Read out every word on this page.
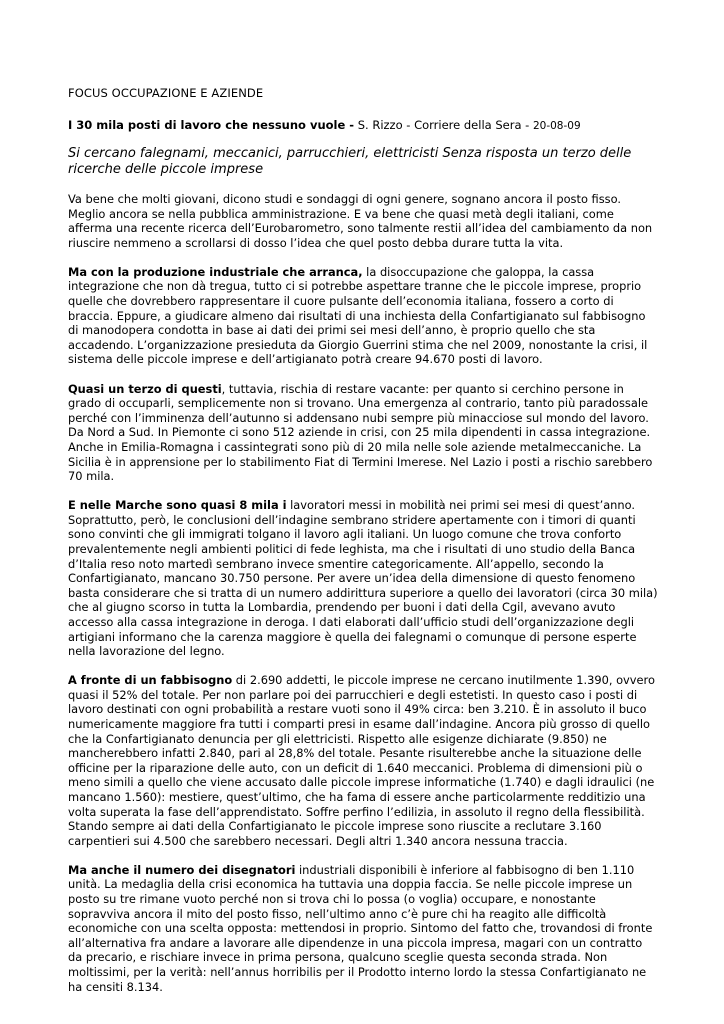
FOCUS OCCUPAZIONE E AZIENDE
I 30 mila posti di lavoro che nessuno vuole - S. Rizzo - Corriere della Sera - 20-08-09
Si cercano falegnami, meccanici, parrucchieri, elettricisti Senza risposta un terzo delle ricerche delle piccole imprese

Va bene che molti giovani, dicono studi e sondaggi di ogni genere, sognano ancora il posto fisso. Meglio ancora se nella pubblica amministrazione. E va bene che quasi metà degli italiani, come afferma una recente ricerca dell’Eurobarometro, sono talmente restii all’idea del cambiamento da non riuscire nemmeno a scrollarsi di dosso l’idea che quel posto debba durare tutta la vita.

Ma con la produzione industriale che arranca, la disoccupazione che galoppa, la cassa integrazione che non dà tregua, tutto ci si potrebbe aspettare tranne che le piccole imprese, proprio quelle che dovrebbero rappresentare il cuore pulsante dell’economia italiana, fossero a corto di braccia. Eppure, a giudicare almeno dai risultati di una inchiesta della Confartigianato sul fabbisogno di manodopera condotta in base ai dati dei primi sei mesi dell’anno, è proprio quello che sta accadendo. L’organizzazione presieduta da Giorgio Guerrini stima che nel 2009, nonostante la crisi, il sistema delle piccole imprese e dell’artigianato potrà creare 94.670 posti di lavoro.

Quasi un terzo di questi, tuttavia, rischia di restare vacante: per quanto si cerchino persone in grado di occuparli, semplicemente non si trovano. Una emergenza al contrario, tanto più paradossale perché con l’imminenza dell’autunno si addensano nubi sempre più minacciose sul mondo del lavoro. Da Nord a Sud. In Piemonte ci sono 512 aziende in crisi, con 25 mila dipendenti in cassa integrazione. Anche in Emilia-Romagna i cassintegrati sono più di 20 mila nelle sole aziende metalmeccaniche. La Sicilia è in apprensione per lo stabilimento Fiat di Termini Imerese. Nel Lazio i posti a rischio sarebbero 70 mila.

E nelle Marche sono quasi 8 mila i lavoratori messi in mobilità nei primi sei mesi di quest’anno. Soprattutto, però, le conclusioni dell’indagine sembrano stridere apertamente con i timori di quanti sono convinti che gli immigrati tolgano il lavoro agli italiani. Un luogo comune che trova conforto prevalentemente negli ambienti politici di fede leghista, ma che i risultati di uno studio della Banca d’Italia reso noto martedì sembrano invece smentire categoricamente. All’appello, secondo la Confartigianato, mancano 30.750 persone. Per avere un’idea della dimensione di questo fenomeno basta considerare che si tratta di un numero addirittura superiore a quello dei lavoratori (circa 30 mila) che al giugno scorso in tutta la Lombardia, prendendo per buoni i dati della Cgil, avevano avuto accesso alla cassa integrazione in deroga. I dati elaborati dall’ufficio studi dell’organizzazione degli artigiani informano che la carenza maggiore è quella dei falegnami o comunque di persone esperte nella lavorazione del legno.

A fronte di un fabbisogno di 2.690 addetti, le piccole imprese ne cercano inutilmente 1.390, ovvero quasi il 52% del totale. Per non parlare poi dei parrucchieri e degli estetisti. In questo caso i posti di lavoro destinati con ogni probabilità a restare vuoti sono il 49% circa: ben 3.210. È in assoluto il buco numericamente maggiore fra tutti i comparti presi in esame dall’indagine. Ancora più grosso di quello che la Confartigianato denuncia per gli elettricisti. Rispetto alle esigenze dichiarate (9.850) ne mancherebbero infatti 2.840, pari al 28,8% del totale. Pesante risulterebbe anche la situazione delle officine per la riparazione delle auto, con un deficit di 1.640 meccanici. Problema di dimensioni più o meno simili a quello che viene accusato dalle piccole imprese informatiche (1.740) e dagli idraulici (ne mancano 1.560): mestiere, quest’ultimo, che ha fama di essere anche particolarmente redditizio una volta superata la fase dell’apprendistato. Soffre perfino l’edilizia, in assoluto il regno della flessibilità. Stando sempre ai dati della Confartigianato le piccole imprese sono riuscite a reclutare 3.160 carpentieri sui 4.500 che sarebbero necessari. Degli altri 1.340 ancora nessuna traccia.

Ma anche il numero dei disegnatori industriali disponibili è inferiore al fabbisogno di ben 1.110 unità. La medaglia della crisi economica ha tuttavia una doppia faccia. Se nelle piccole imprese un posto su tre rimane vuoto perché non si trova chi lo possa (o voglia) occupare, e nonostante sopravviva ancora il mito del posto fisso, nell’ultimo anno c’è pure chi ha reagito alle difficoltà economiche con una scelta opposta: mettendosi in proprio. Sintomo del fatto che, trovandosi di fronte all’alternativa fra andare a lavorare alle dipendenze in una piccola impresa, magari con un contratto da precario, e rischiare invece in prima persona, qualcuno sceglie questa seconda strada. Non moltissimi, per la verità: nell’annus horribilis per il Prodotto interno lordo la stessa Confartigianato ne ha censiti 8.134.
